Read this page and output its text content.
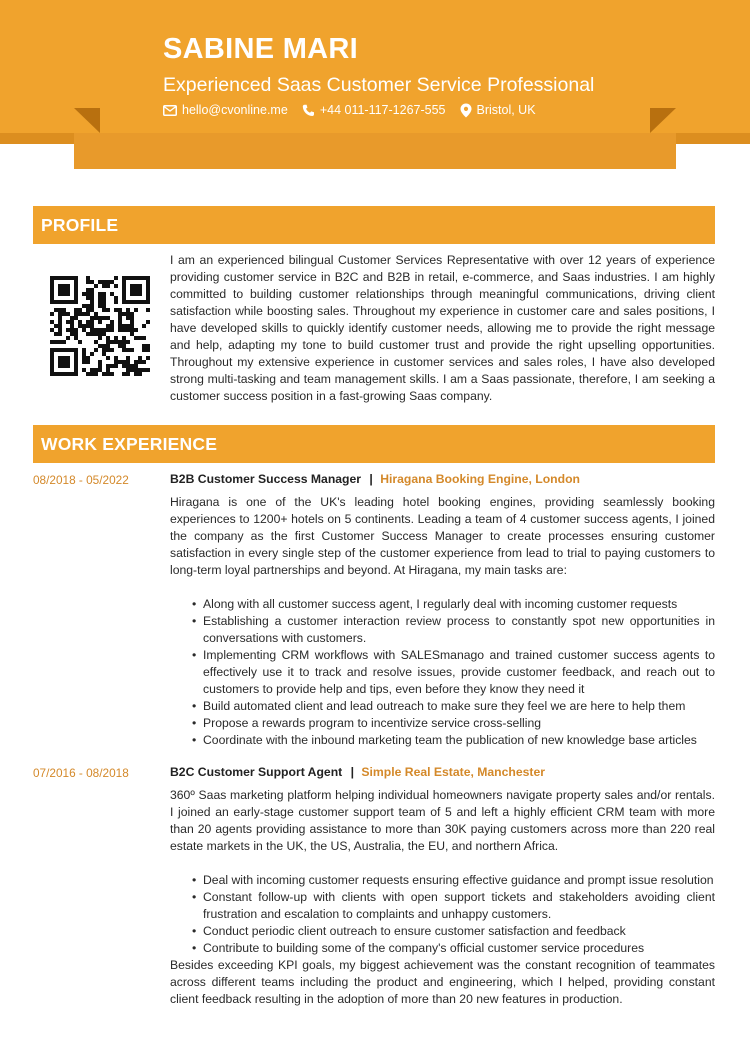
SABINE MARI
Experienced Saas Customer Service Professional
hello@cvonline.me	+44 011-117-1267-555 Bristol, UK
PROFILE
I am an experienced bilingual Customer Services Representative with over 12 years of experience providing customer service in B2C and B2B in retail, e-commerce, and Saas industries. I am highly committed to building customer relationships through meaningful communications, driving client satisfaction while boosting sales. Throughout my experience in customer care and sales positions, I have developed skills to quickly identify customer needs, allowing me to provide the right message and help, adapting my tone to build customer trust and provide the right upselling opportunities. Throughout my extensive experience in customer services and sales roles, I have also developed strong multi-tasking and team management skills. I am a Saas passionate, therefore, I am seeking a customer success position in a fast-growing Saas company.
WORK EXPERIENCE
08/2018 - 05/2022	B2B Customer Success Manager | Hiragana Booking Engine, London
Hiragana is one of the UK's leading hotel booking engines, providing seamlessly booking experiences to 1200+ hotels on 5 continents. Leading a team of 4 customer success agents, I joined the company as the first Customer Success Manager to create processes ensuring customer satisfaction in every single step of the customer experience from lead to trial to paying customers to long-term loyal partnerships and beyond. At Hiragana, my main tasks are:
• Along with all customer success agent, I regularly deal with incoming customer requests
• Establishing a customer interaction review process to constantly spot new opportunities in conversations with customers.
• Implementing CRM workflows with SALESmanago and trained customer success agents to effectively use it to track and resolve issues, provide customer feedback, and reach out to customers to provide help and tips, even before they know they need it
• Build automated client and lead outreach to make sure they feel we are here to help them
• Propose a rewards program to incentivize service cross-selling
• Coordinate with the inbound marketing team the publication of new knowledge base articles
07/2016 - 08/2018	B2C Customer Support Agent | Simple Real Estate, Manchester
360º Saas marketing platform helping individual homeowners navigate property sales and/or rentals. I joined an early-stage customer support team of 5 and left a highly efficient CRM team with more than 20 agents providing assistance to more than 30K paying customers across more than 220 real estate markets in the UK, the US, Australia, the EU, and northern Africa.
• Deal with incoming customer requests ensuring effective guidance and prompt issue resolution
• Constant follow-up with clients with open support tickets and stakeholders avoiding client frustration and escalation to complaints and unhappy customers.
• Conduct periodic client outreach to ensure customer satisfaction and feedback
• Contribute to building some of the company's official customer service procedures
Besides exceeding KPI goals, my biggest achievement was the constant recognition of teammates across different teams including the product and engineering, which I helped, providing constant client feedback resulting in the adoption of more than 20 new features in production.
